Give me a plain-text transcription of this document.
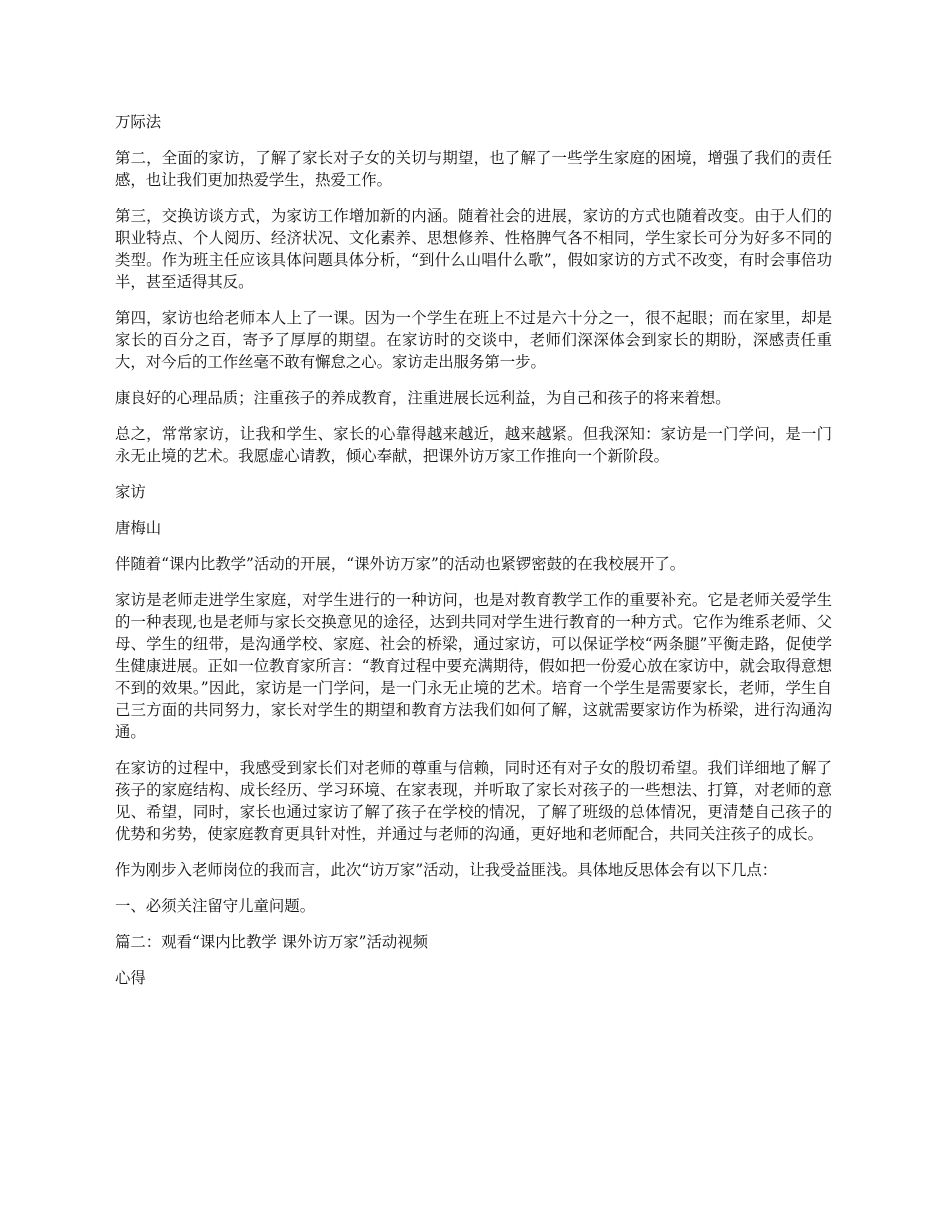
万际法

第二，全面的家访，了解了家长对子女的关切与期望，也了解了一些学生家庭的困境，增强了我们的责任感，也让我们更加热爱学生，热爱工作。

第三，交换访谈方式，为家访工作增加新的内涵。随着社会的进展，家访的方式也随着改变。由于人们的职业特点、个人阅历、经济状况、文化素养、思想修养、性格脾气各不相同，学生家长可分为好多不同的类型。作为班主任应该具体问题具体分析，“到什么山唱什么歌”，假如家访的方式不改变，有时会事倍功半，甚至适得其反。

第四，家访也给老师本人上了一课。因为一个学生在班上不过是六十分之一，很不起眼；而在家里，却是家长的百分之百，寄予了厚厚的期望。在家访时的交谈中，老师们深深体会到家长的期盼，深感责任重大，对今后的工作丝毫不敢有懈怠之心。家访走出服务第一步。

康良好的心理品质；注重孩子的养成教育，注重进展长远利益，为自己和孩子的将来着想。

总之，常常家访，让我和学生、家长的心靠得越来越近，越来越紧。但我深知：家访是一门学问，是一门永无止境的艺术。我愿虚心请教，倾心奉献，把课外访万家工作推向一个新阶段。

家访

唐梅山

伴随着“课内比教学”活动的开展，“课外访万家”的活动也紧锣密鼓的在我校展开了。

家访是老师走进学生家庭，对学生进行的一种访问，也是对教育教学工作的重要补充。它是老师关爱学生的一种表现,也是老师与家长交换意见的途径，达到共同对学生进行教育的一种方式。它作为维系老师、父母、学生的纽带，是沟通学校、家庭、社会的桥梁，通过家访，可以保证学校“两条腿”平衡走路，促使学生健康进展。正如一位教育家所言：“教育过程中要充满期待，假如把一份爱心放在家访中，就会取得意想不到的效果。”因此，家访是一门学问，是一门永无止境的艺术。培育一个学生是需要家长，老师，学生自己三方面的共同努力，家长对学生的期望和教育方法我们如何了解，这就需要家访作为桥梁，进行沟通沟通。

在家访的过程中，我感受到家长们对老师的尊重与信赖，同时还有对子女的殷切希望。我们详细地了解了孩子的家庭结构、成长经历、学习环境、在家表现，并听取了家长对孩子的一些想法、打算，对老师的意见、希望，同时，家长也通过家访了解了孩子在学校的情况，了解了班级的总体情况，更清楚自己孩子的优势和劣势，使家庭教育更具针对性，并通过与老师的沟通，更好地和老师配合，共同关注孩子的成长。

作为刚步入老师岗位的我而言，此次“访万家”活动，让我受益匪浅。具体地反思体会有以下几点：

一、必须关注留守儿童问题。

篇二：观看“课内比教学 课外访万家”活动视频

心得
